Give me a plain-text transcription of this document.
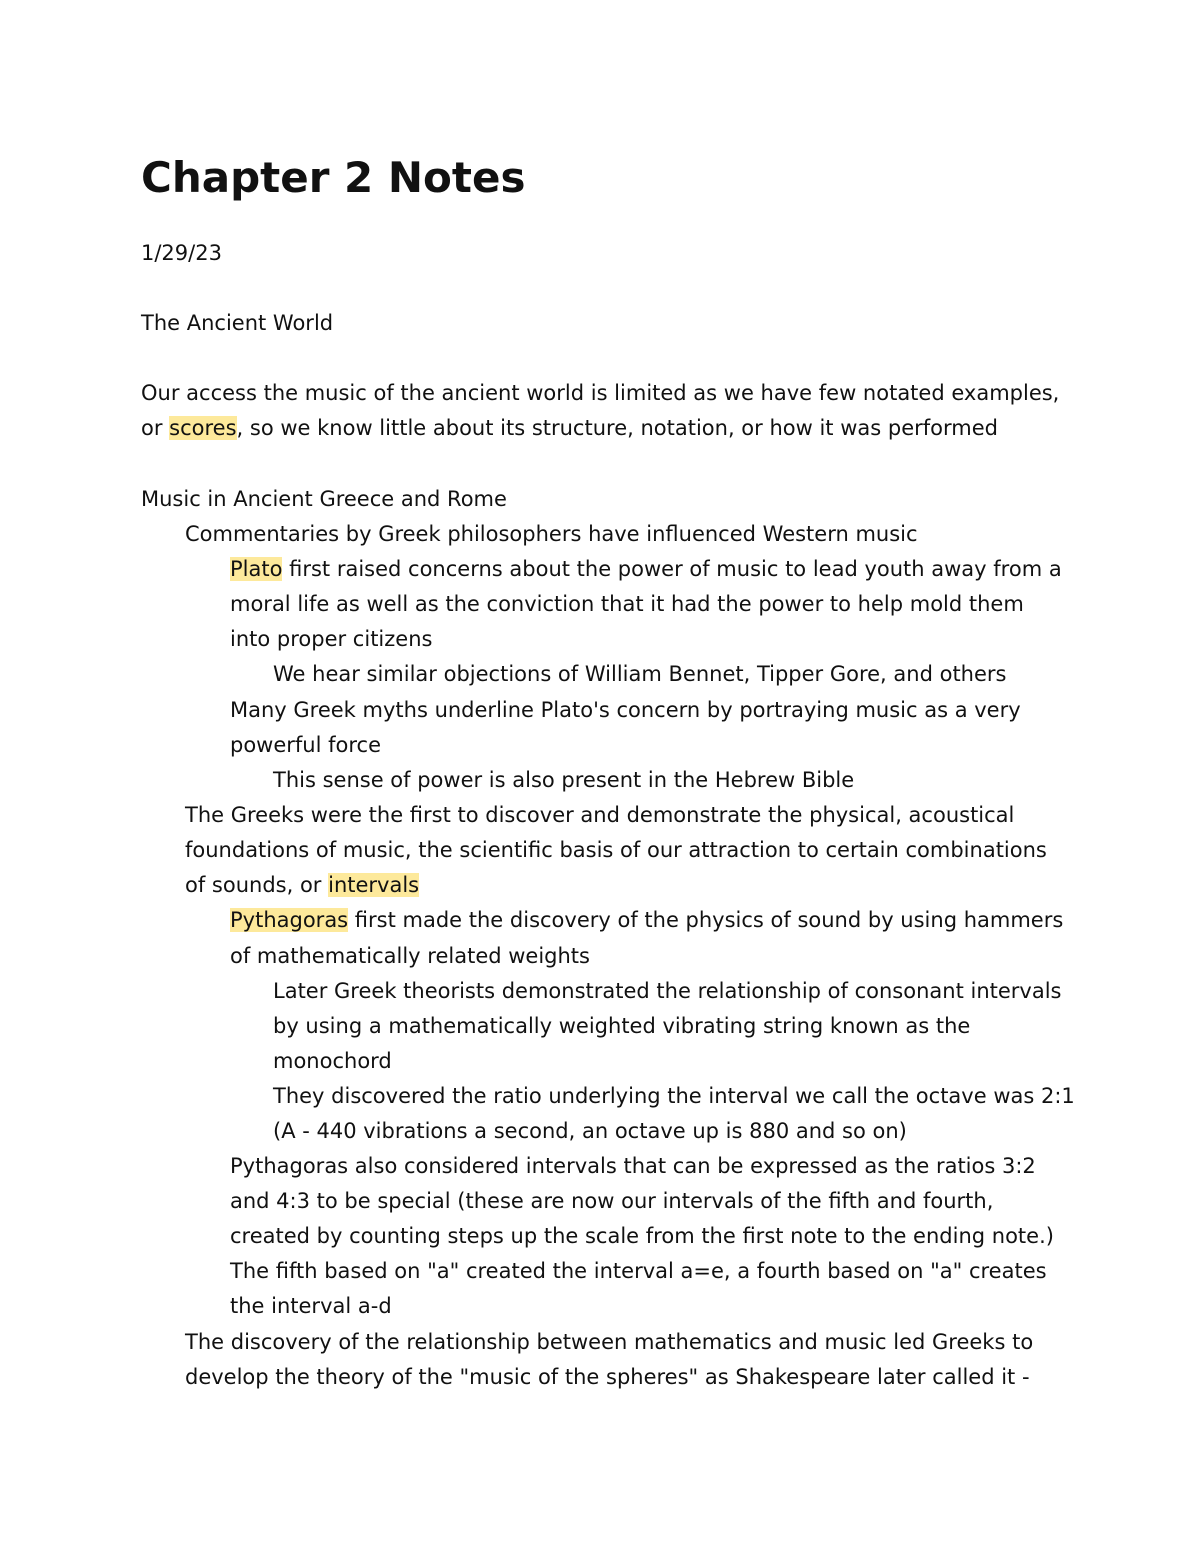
Chapter 2 Notes

1/29/23

The Ancient World

Our access the music of the ancient world is limited as we have few notated examples,

or scores, so we know little about its structure, notation, or how it was performed

Music in Ancient Greece and Rome

Commentaries by Greek philosophers have influenced Western music

Plato first raised concerns about the power of music to lead youth away from a

moral life as well as the conviction that it had the power to help mold them

into proper citizens

We hear similar objections of William Bennet, Tipper Gore, and others

Many Greek myths underline Plato's concern by portraying music as a very

powerful force

This sense of power is also present in the Hebrew Bible

The Greeks were the first to discover and demonstrate the physical, acoustical

foundations of music, the scientific basis of our attraction to certain combinations

of sounds, or intervals

Pythagoras first made the discovery of the physics of sound by using hammers

of mathematically related weights

Later Greek theorists demonstrated the relationship of consonant intervals

by using a mathematically weighted vibrating string known as the

monochord

They discovered the ratio underlying the interval we call the octave was 2:1

(A - 440 vibrations a second, an octave up is 880 and so on)

Pythagoras also considered intervals that can be expressed as the ratios 3:2

and 4:3 to be special (these are now our intervals of the fifth and fourth,

created by counting steps up the scale from the first note to the ending note.)

The fifth based on "a" created the interval a=e, a fourth based on "a" creates

the interval a-d

The discovery of the relationship between mathematics and music led Greeks to

develop the theory of the "music of the spheres" as Shakespeare later called it -
